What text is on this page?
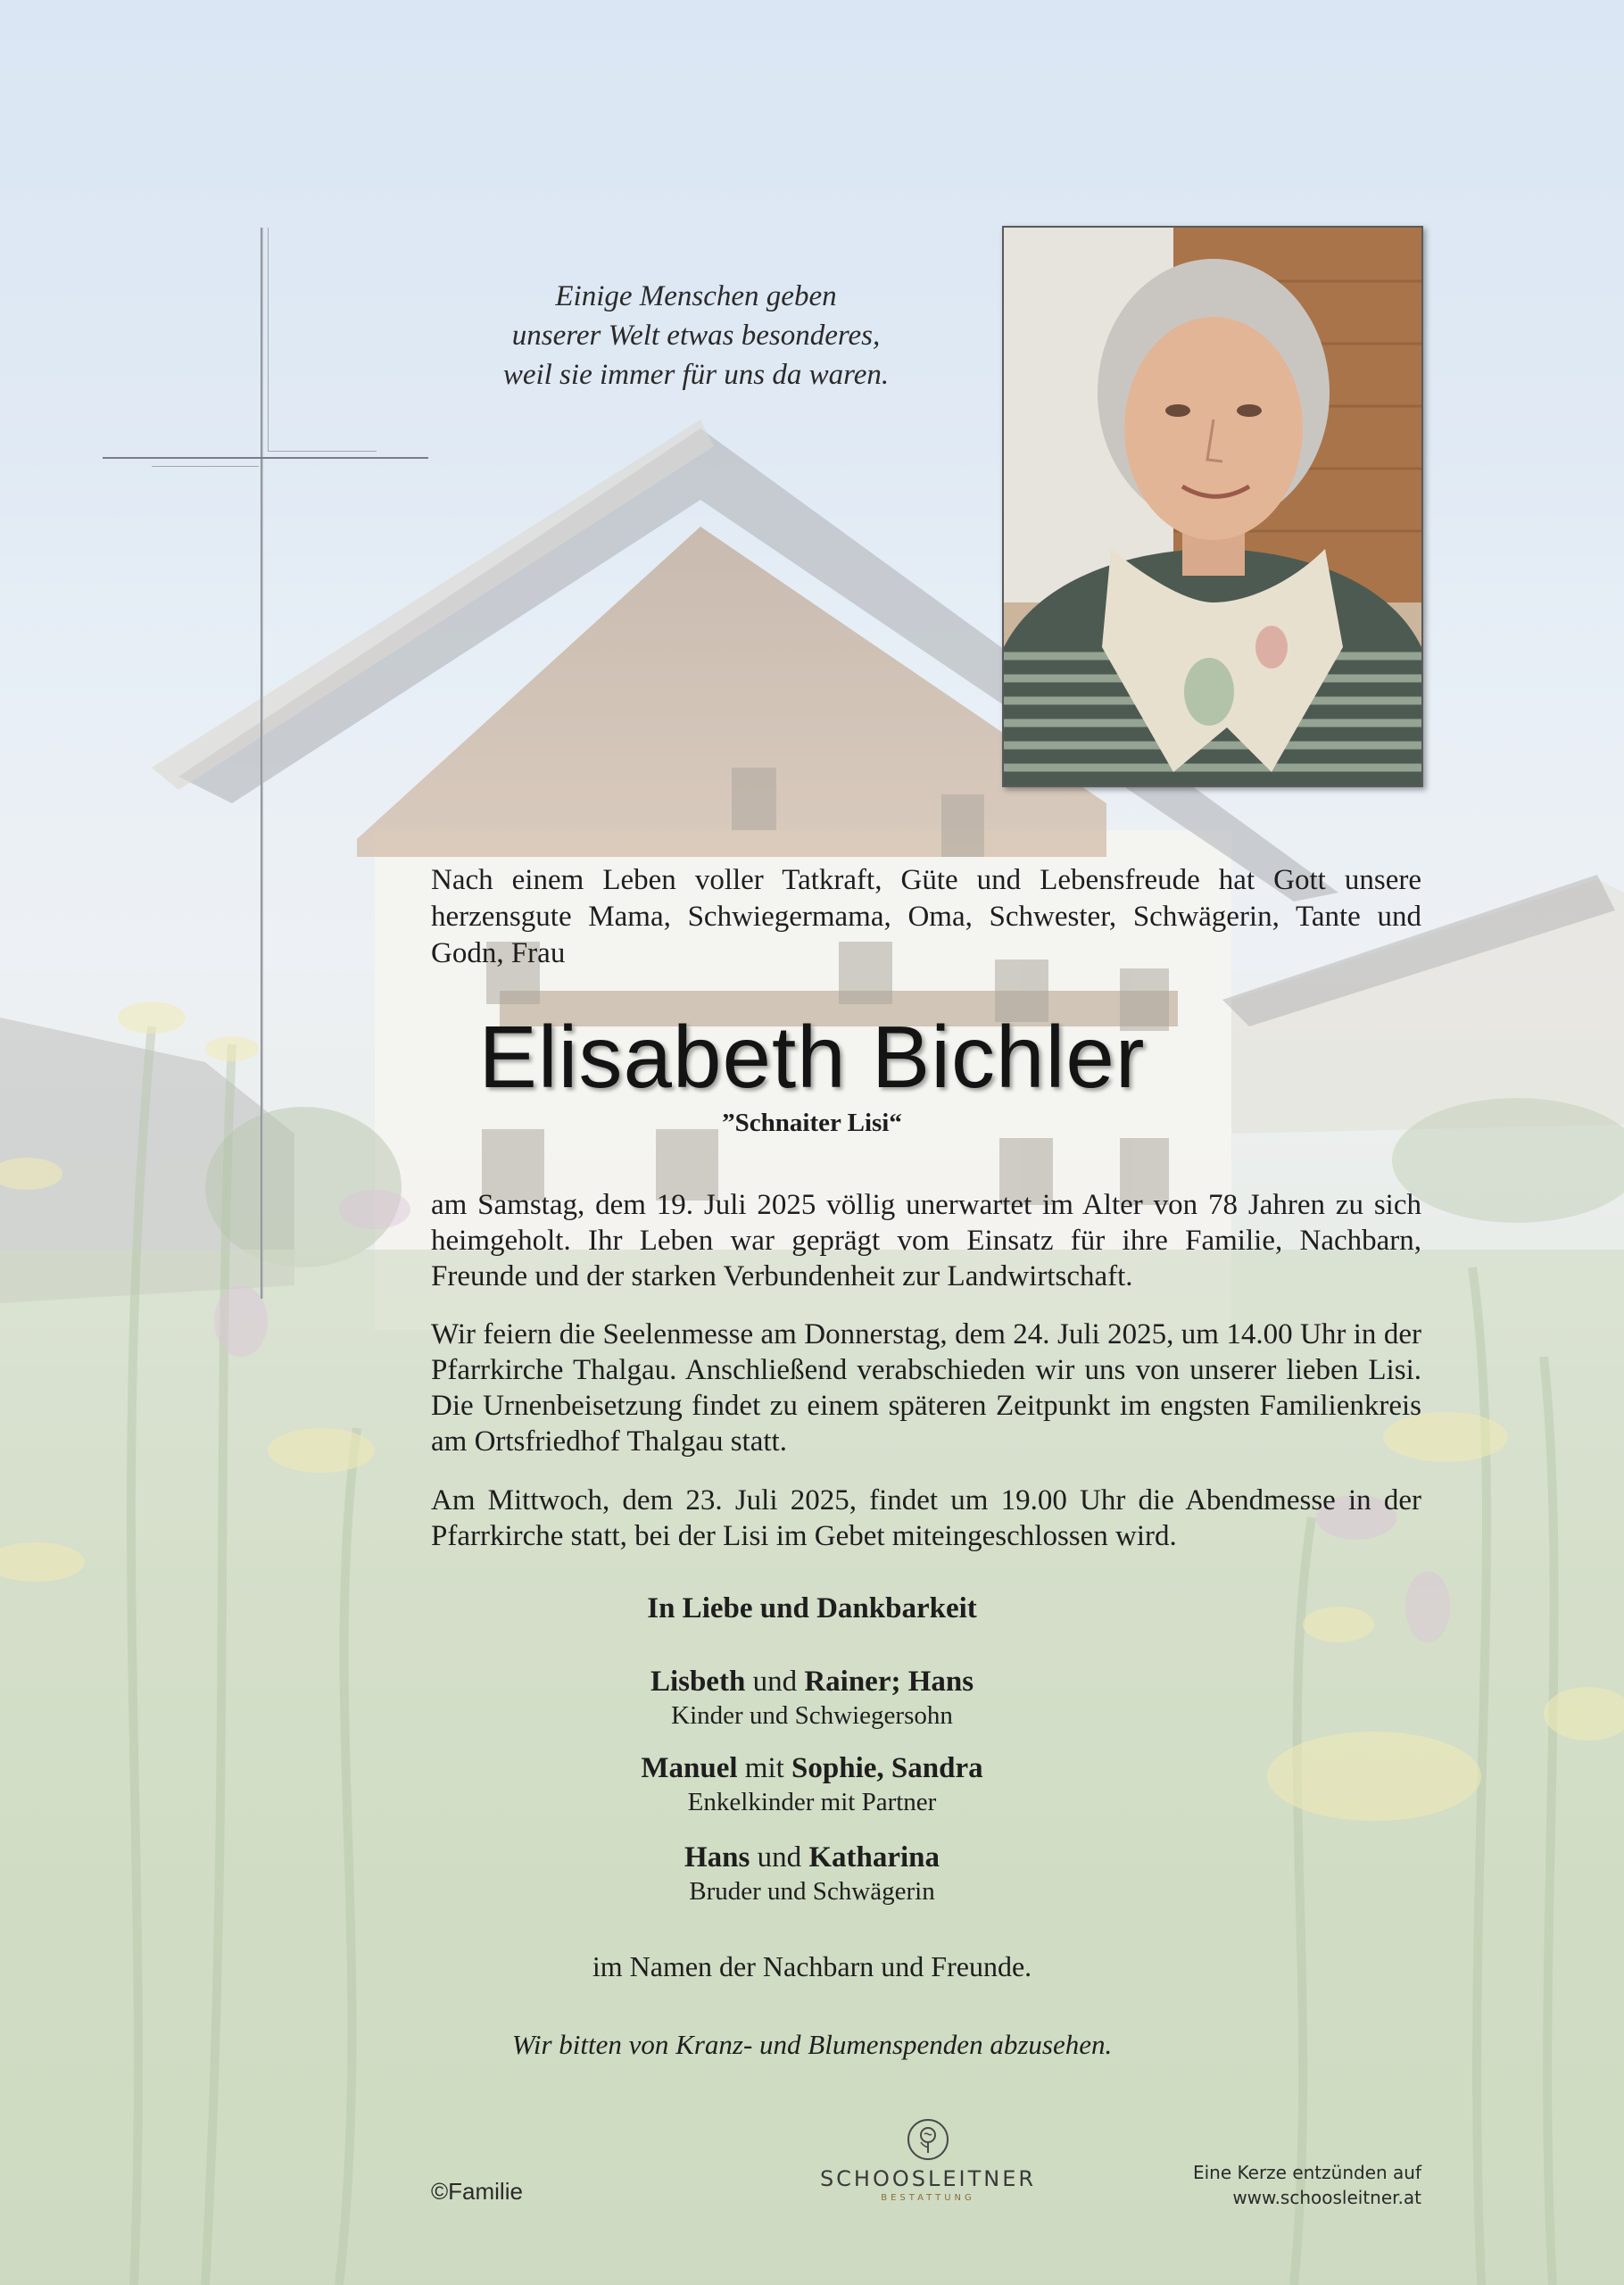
Einige Menschen geben
unserer Welt etwas besonderes,
weil sie immer für uns da waren.
Nach einem Leben voller Tatkraft, Güte und Lebensfreude hat Gott unsere herzensgute Mama, Schwiegermama, Oma, Schwester, Schwägerin, Tante und Godn, Frau
Elisabeth Bichler
”Schnaiter Lisi“
am Samstag, dem 19. Juli 2025 völlig unerwartet im Alter von 78 Jahren zu sich heimgeholt. Ihr Leben war geprägt vom Einsatz für ihre Familie, Nachbarn, Freunde und der starken Verbundenheit zur Landwirtschaft.
Wir feiern die Seelenmesse am Donnerstag, dem 24. Juli 2025, um 14.00 Uhr in der Pfarrkirche Thalgau. Anschließend verabschieden wir uns von unserer lieben Lisi. Die Urnenbeisetzung findet zu einem späteren Zeitpunkt im engsten Familienkreis am Ortsfriedhof Thalgau statt.
Am Mittwoch, dem 23. Juli 2025, findet um 19.00 Uhr die Abendmesse in der Pfarrkirche statt, bei der Lisi im Gebet miteingeschlossen wird.
In Liebe und Dankbarkeit
Lisbeth und Rainer; Hans
Kinder und Schwiegersohn
Manuel mit Sophie, Sandra
Enkelkinder mit Partner
Hans und Katharina
Bruder und Schwägerin
im Namen der Nachbarn und Freunde.
Wir bitten von Kranz- und Blumenspenden abzusehen.
©Familie	SCHOOSLEITNER
BESTATTUNG
Eine Kerze entzünden auf
www.schoosleitner.at
